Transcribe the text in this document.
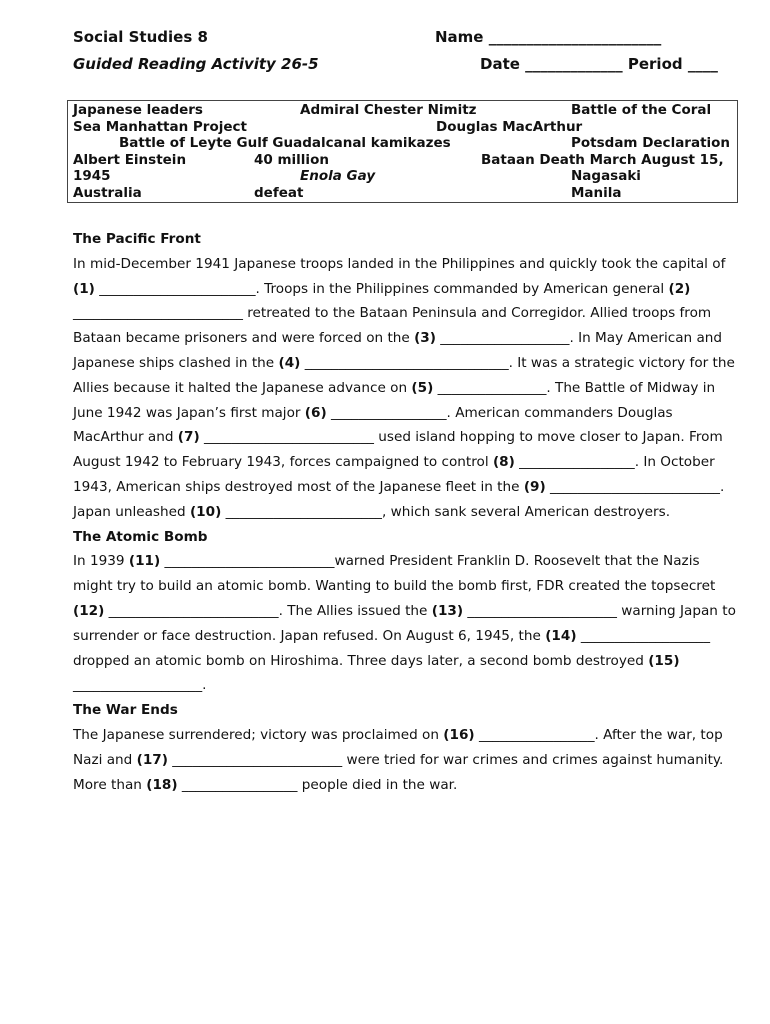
Social Studies 8	Name _______________________
Guided Reading Activity 26-5	Date _____________ Period ____
Japanese leaders	Admiral Chester Nimitz	Battle of the Coral
Sea Manhattan Project	Douglas MacArthur
Battle of Leyte Gulf Guadalcanal kamikazes	Potsdam Declaration
Albert Einstein	40 million	Bataan Death March August 15,
1945	Enola Gay	Nagasaki
Australia	defeat	Manila
The Pacific Front

In mid-December 1941 Japanese troops landed in the Philippines and quickly took the capital of
(1) _______________________. Troops in the Philippines commanded by American general (2) _________________________ retreated to the Bataan Peninsula and Corregidor. Allied troops from Bataan became prisoners and were forced on the (3) ___________________. In May American and Japanese ships clashed in the (4) ______________________________. It was a strategic victory for the Allies because it halted the Japanese advance on (5) ________________. The Battle of Midway in June 1942 was Japan’s first major (6) _________________. American commanders Douglas MacArthur and (7) _________________________ used island hopping to move closer to Japan. From August 1942 to February 1943, forces campaigned to control (8) _________________. In October 1943, American ships destroyed most of the Japanese fleet in the (9) _________________________. Japan unleashed (10) _______________________, which sank several American destroyers.

The Atomic Bomb

In 1939 (11) _________________________warned President Franklin D. Roosevelt that the Nazis might try to build an atomic bomb. Wanting to build the bomb first, FDR created the topsecret (12) _________________________. The Allies issued the (13) ______________________ warning Japan to surrender or face destruction. Japan refused. On August 6, 1945, the (14) ___________________ dropped an atomic bomb on Hiroshima. Three days later, a second bomb destroyed (15) ___________________.

The War Ends

The Japanese surrendered; victory was proclaimed on (16) _________________. After the war, top Nazi and (17) _________________________ were tried for war crimes and crimes against humanity. More than (18) _________________ people died in the war.
